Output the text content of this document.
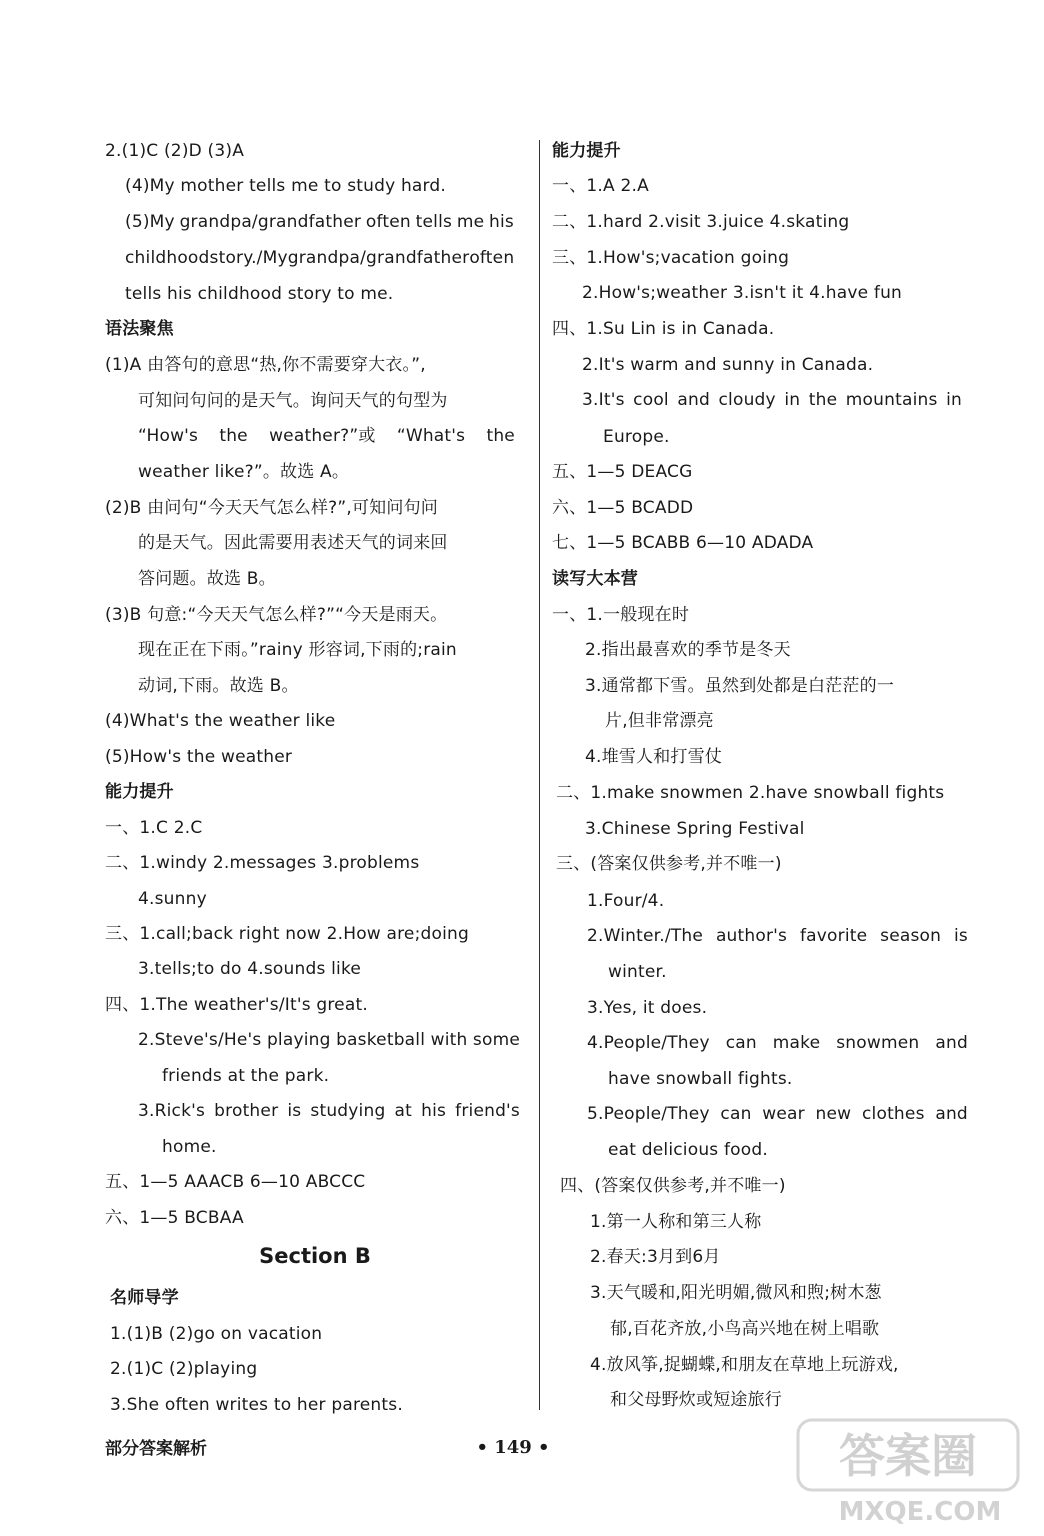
2.(1)C (2)D (3)A
(4)My mother tells me to study hard.
(5)My grandpa/grandfather often tells me his
childhood story./My grandpa/grandfather often
tells his childhood story to me.
语法聚焦
(1)A 由答句的意思“热,你不需要穿大衣。”,
可知问句问的是天气。询问天气的句型为
“How's the weather?”或 “What's the
weather like?”。故选 A。
(2)B 由问句“今天天气怎么样?”,可知问句问
的是天气。因此需要用表述天气的词来回
答问题。故选 B。
(3)B 句意:“今天天气怎么样?”“今天是雨天。
现在正在下雨。”rainy 形容词,下雨的;rain
动词,下雨。故选 B。
(4)What's the weather like
(5)How's the weather
能力提升
一、1.C 2.C
二、1.windy 2.messages 3.problems
4.sunny
三、1.call;back right now 2.How are;doing
3.tells;to do 4.sounds like
四、1.The weather's/It's great.
2.Steve's/He's playing basketball with some
friends at the park.
3.Rick's brother is studying at his friend's
home.
五、1—5 AAACB 6—10 ABCCC
六、1—5 BCBAA
名师导学
1.(1)B (2)go on vacation
2.(1)C (2)playing
3.She often writes to her parents.
能力提升
一、1.A 2.A
二、1.hard 2.visit 3.juice 4.skating
三、1.How's;vacation going
2.How's;weather 3.isn't it 4.have fun
四、1.Su Lin is in Canada.
2.It's warm and sunny in Canada.
3.It's cool and cloudy in the mountains in
Europe.
五、1—5 DEACG
六、1—5 BCADD
七、1—5 BCABB 6—10 ADADA
读写大本营
一、1.一般现在时
2.指出最喜欢的季节是冬天
3.通常都下雪。虽然到处都是白茫茫的一
片,但非常漂亮
4.堆雪人和打雪仗
二、1.make snowmen 2.have snowball fights
3.Chinese Spring Festival
三、(答案仅供参考,并不唯一)
1.Four/4.
2.Winter./The author's favorite season is
winter.
3.Yes, it does.
4.People/They can make snowmen and
have snowball fights.
5.People/They can wear new clothes and
eat delicious food.
四、(答案仅供参考,并不唯一)
1.第一人称和第三人称
2.春天:3月到6月
3.天气暖和,阳光明媚,微风和煦;树木葱
郁,百花齐放,小鸟高兴地在树上唱歌
4.放风筝,捉蝴蝶,和朋友在草地上玩游戏,
和父母野炊或短途旅行
Section B
部分答案解析	• 149 •	答案圈
MXQE.COM
